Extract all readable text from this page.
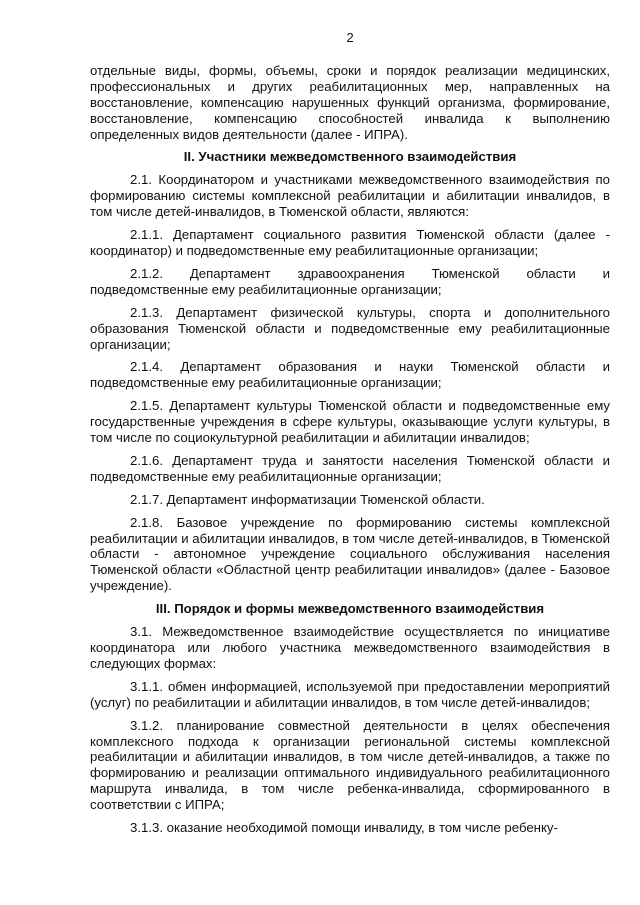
2

отдельные виды, формы, объемы, сроки и порядок реализации медицинских, профессиональных и других реабилитационных мер, направленных на восстановление, компенсацию нарушенных функций организма, формирование, восстановление, компенсацию способностей инвалида к выполнению определенных видов деятельности (далее - ИПРА).

II. Участники межведомственного взаимодействия

2.1. Координатором и участниками межведомственного взаимодействия по формированию системы комплексной реабилитации и абилитации инвалидов, в том числе детей-инвалидов, в Тюменской области, являются:

2.1.1. Департамент социального развития Тюменской области (далее - координатор) и подведомственные ему реабилитационные организации;

2.1.2. Департамент здравоохранения Тюменской области и подведомственные ему реабилитационные организации;

2.1.3. Департамент физической культуры, спорта и дополнительного образования Тюменской области и подведомственные ему реабилитационные организации;

2.1.4. Департамент образования и науки Тюменской области и подведомственные ему реабилитационные организации;

2.1.5. Департамент культуры Тюменской области и подведомственные ему государственные учреждения в сфере культуры, оказывающие услуги культуры, в том числе по социокультурной реабилитации и абилитации инвалидов;

2.1.6. Департамент труда и занятости населения Тюменской области и подведомственные ему реабилитационные организации;

2.1.7. Департамент информатизации Тюменской области.

2.1.8. Базовое учреждение по формированию системы комплексной реабилитации и абилитации инвалидов, в том числе детей-инвалидов, в Тюменской области - автономное учреждение социального обслуживания населения Тюменской области «Областной центр реабилитации инвалидов» (далее - Базовое учреждение).

III. Порядок и формы межведомственного взаимодействия

3.1. Межведомственное взаимодействие осуществляется по инициативе координатора или любого участника межведомственного взаимодействия в следующих формах:

3.1.1. обмен информацией, используемой при предоставлении мероприятий (услуг) по реабилитации и абилитации инвалидов, в том числе детей-инвалидов;

3.1.2. планирование совместной деятельности в целях обеспечения комплексного подхода к организации региональной системы комплексной реабилитации и абилитации инвалидов, в том числе детей-инвалидов, а также по формированию и реализации оптимального индивидуального реабилитационного маршрута инвалида, в том числе ребенка-инвалида, сформированного в соответствии с ИПРА;

3.1.3. оказание необходимой помощи инвалиду, в том числе ребенку-
